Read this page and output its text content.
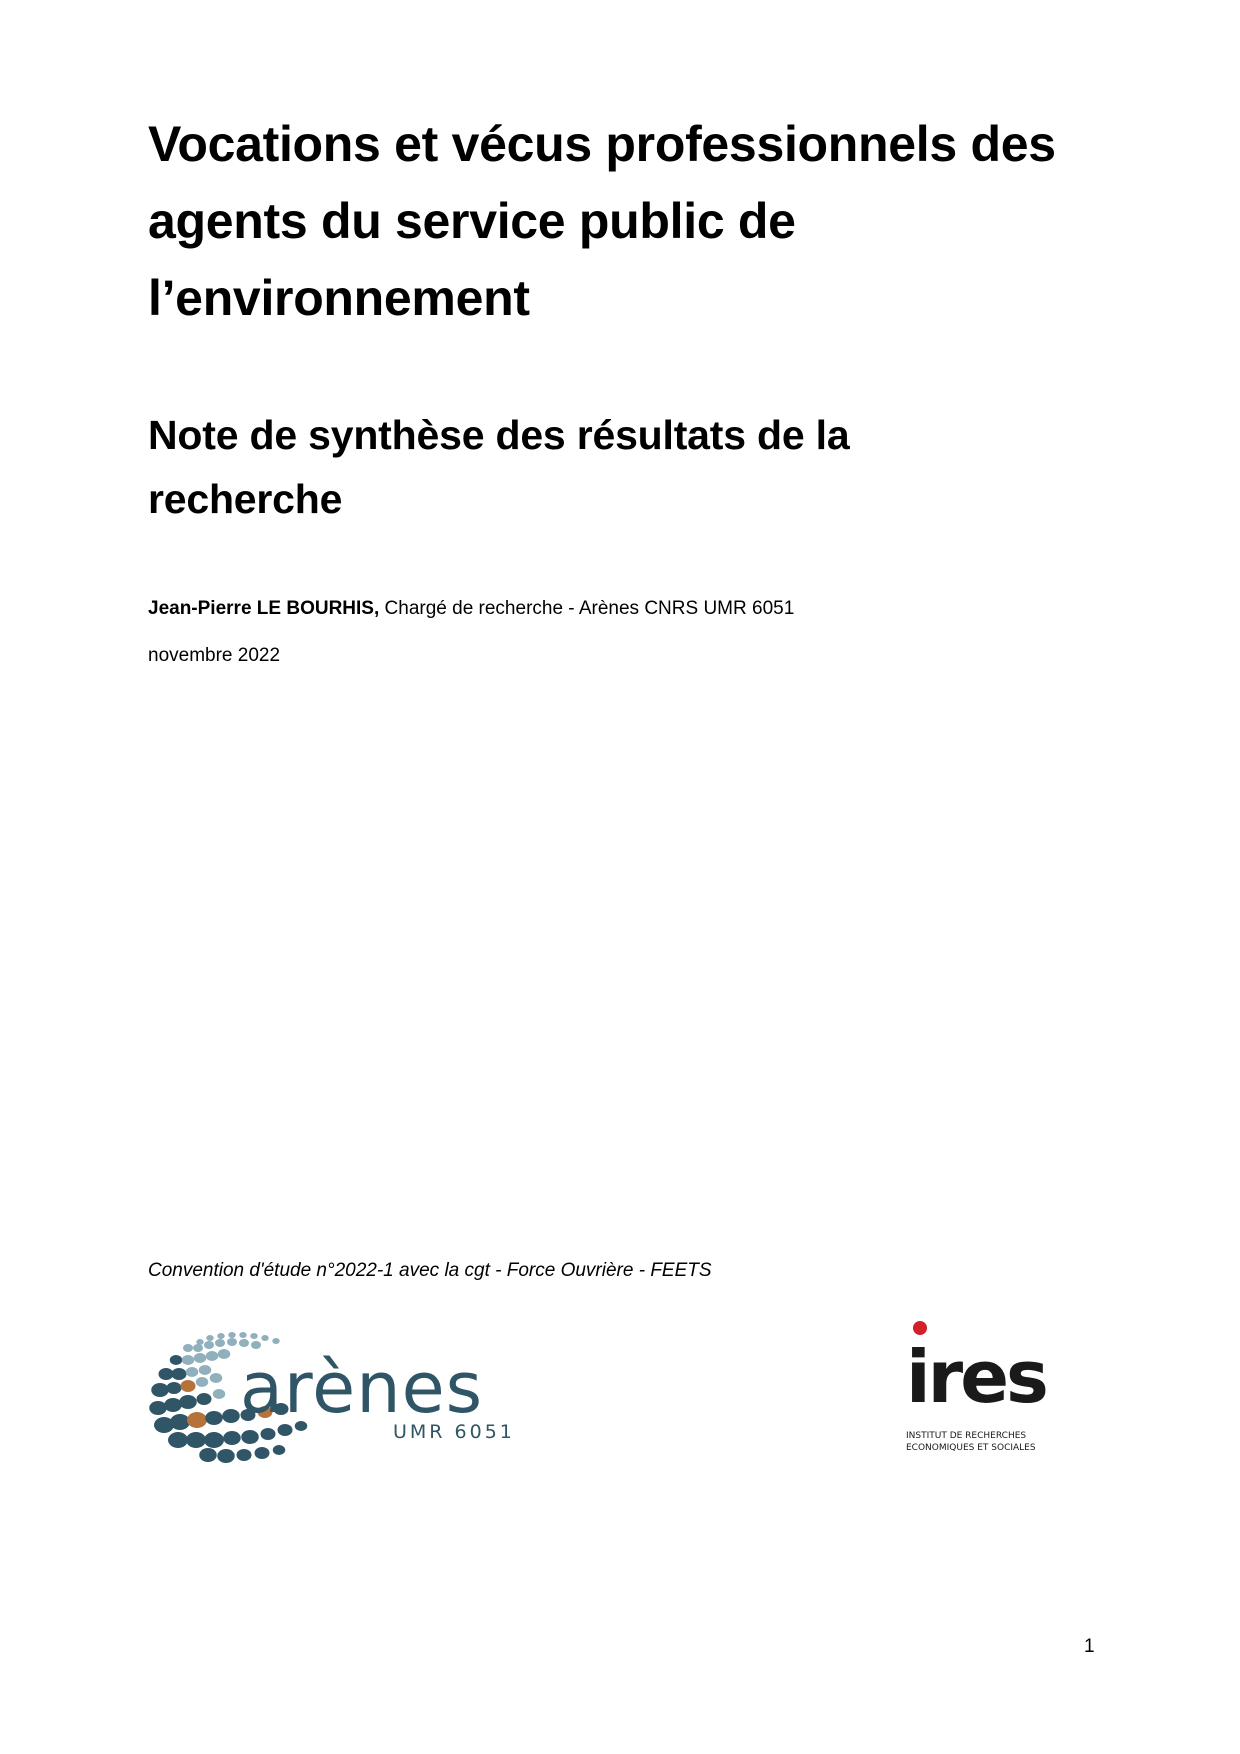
Vocations et vécus professionnels des
agents du service public de
l’environnement
Note de synthèse des résultats de la
recherche
Jean-Pierre LE BOURHIS, Chargé de recherche - Arènes CNRS UMR 6051
novembre 2022
Convention d'étude n°2022-1 avec la cgt - Force Ouvrière - FEETS
arènes
UMR 6051
ires
INSTITUT DE RECHERCHES
ECONOMIQUES ET SOCIALES
1
